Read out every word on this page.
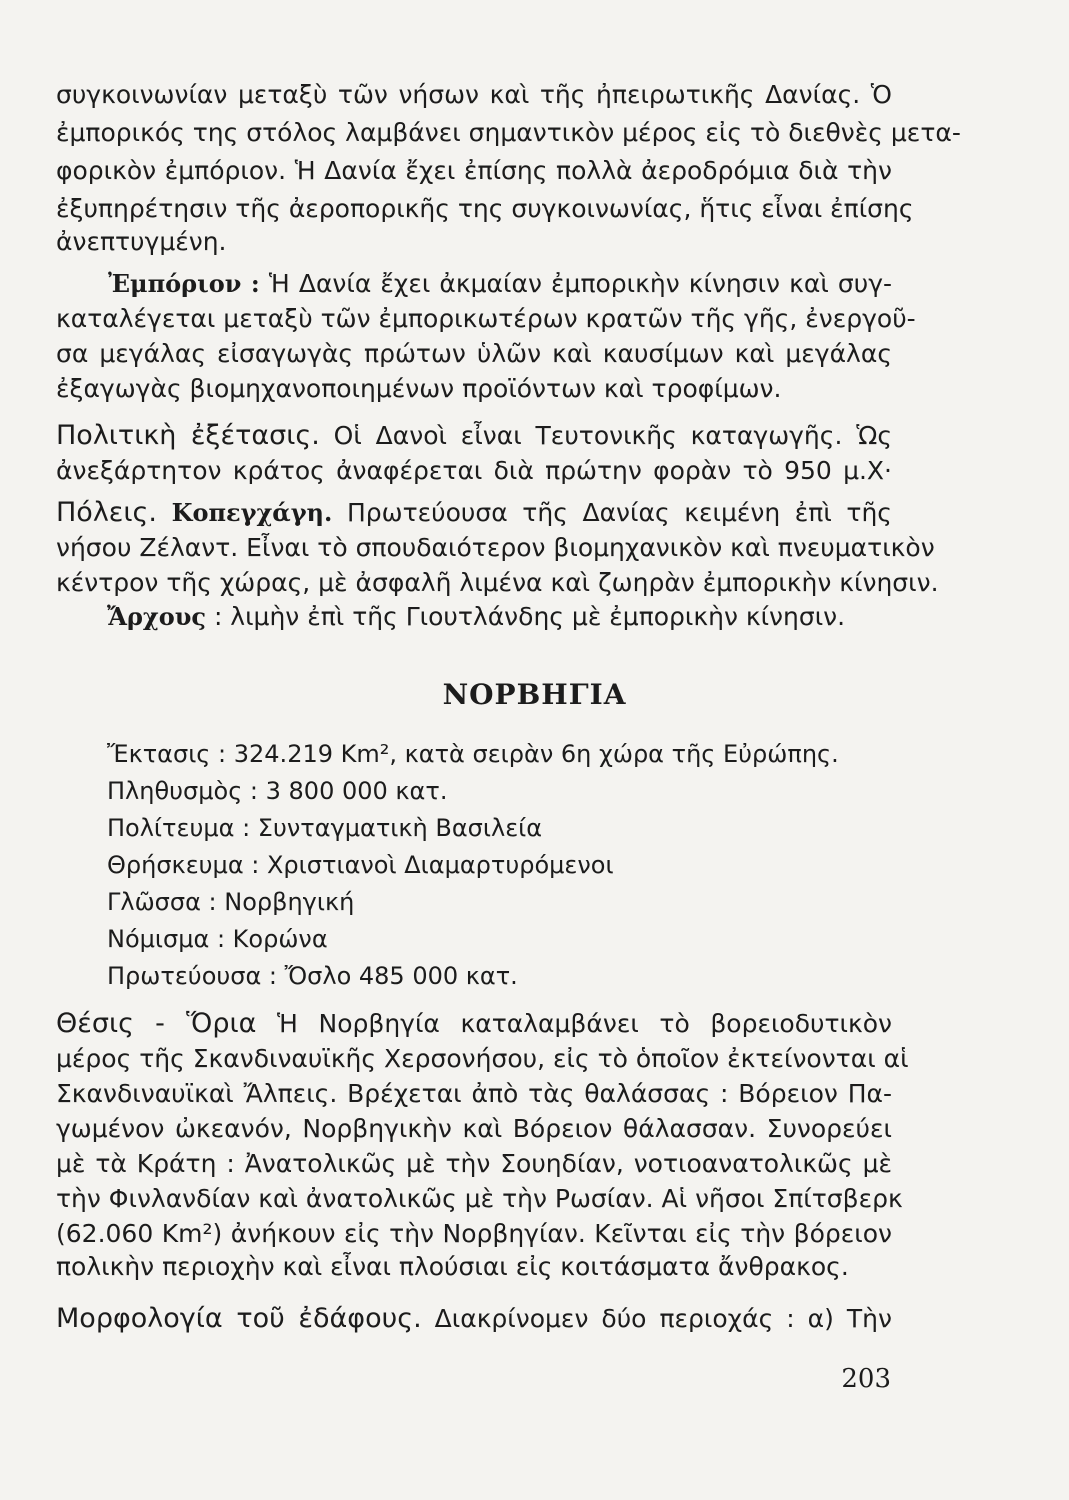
συγκοινωνίαν μεταξὺ τῶν νήσων καὶ τῆς ἠπειρωτικῆς Δανίας. Ὁ

ἐμπορικός της στόλος λαμβάνει σημαντικὸν μέρος εἰς τὸ διεθνὲς μετα-

φορικὸν ἐμπόριον. Ἡ Δανία ἔχει ἐπίσης πολλὰ ἀεροδρόμια διὰ τὴν

ἐξυπηρέτησιν τῆς ἀεροπορικῆς της συγκοινωνίας, ἥτις εἶναι ἐπίσης

ἀνεπτυγμένη.

Ἐμπόριον : Ἡ Δανία ἔχει ἀκμαίαν ἐμπορικὴν κίνησιν καὶ συγ-

καταλέγεται μεταξὺ τῶν ἐμπορικωτέρων κρατῶν τῆς γῆς, ἐνεργοῦ-

σα μεγάλας εἰσαγωγὰς πρώτων ὑλῶν καὶ καυσίμων καὶ μεγάλας

ἐξαγωγὰς βιομηχανοποιημένων προϊόντων καὶ τροφίμων.

Πολιτικὴ ἐξέτασις. Οἱ Δανοὶ εἶναι Τευτονικῆς καταγωγῆς. Ὡς

ἀνεξάρτητον κράτος ἀναφέρεται διὰ πρώτην φορὰν τὸ 950 μ.Χ·

Πόλεις. Κοπεγχάγη. Πρωτεύουσα τῆς Δανίας κειμένη ἐπὶ τῆς

νήσου Ζέλαντ. Εἶναι τὸ σπουδαιότερον βιομηχανικὸν καὶ πνευματικὸν

κέντρον τῆς χώρας, μὲ ἀσφαλῆ λιμένα καὶ ζωηρὰν ἐμπορικὴν κίνησιν.

Ἄρχους : λιμὴν ἐπὶ τῆς Γιουτλάνδης μὲ ἐμπορικὴν κίνησιν.

ΝΟΡΒΗΓΙΑ
Ἔκτασις : 324.219 Km², κατὰ σειρὰν 6η χώρα τῆς Εὐρώπης.
Πληθυσμὸς : 3 800 000 κατ.
Πολίτευμα : Συνταγματικὴ Βασιλεία
Θρήσκευμα : Χριστιανοὶ Διαμαρτυρόμενοι
Γλῶσσα : Νορβηγική
Νόμισμα : Κορώνα
Πρωτεύουσα : Ὄσλο 485 000 κατ.

Θέσις - Ὅρια Ἡ Νορβηγία καταλαμβάνει τὸ βορειοδυτικὸν

μέρος τῆς Σκανδιναυϊκῆς Χερσονήσου, εἰς τὸ ὁποῖον ἐκτείνονται αἱ

Σκανδιναυϊκαὶ Ἄλπεις. Βρέχεται ἀπὸ τὰς θαλάσσας : Βόρειον Πα-

γωμένον ὠκεανόν, Νορβηγικὴν καὶ Βόρειον θάλασσαν. Συνορεύει

μὲ τὰ Κράτη : Ἀνατολικῶς μὲ τὴν Σουηδίαν, νοτιοανατολικῶς μὲ

τὴν Φινλανδίαν καὶ ἀνατολικῶς μὲ τὴν Ρωσίαν. Αἱ νῆσοι Σπίτσβερκ

(62.060 Km²) ἀνήκουν εἰς τὴν Νορβηγίαν. Κεῖνται εἰς τὴν βόρειον

πολικὴν περιοχὴν καὶ εἶναι πλούσιαι εἰς κοιτάσματα ἄνθρακος.

Μορφολογία τοῦ ἐδάφους. Διακρίνομεν δύο περιοχάς : α) Τὴν

203
